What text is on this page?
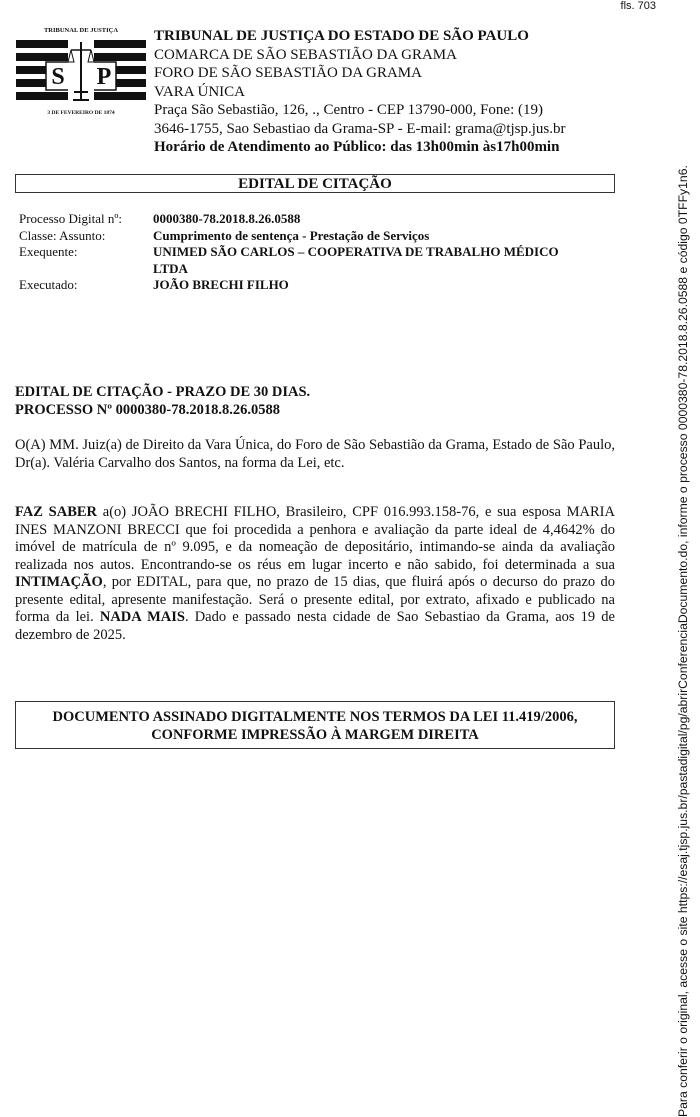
fls. 703
TRIBUNAL DE JUSTIÇA
S P
3 DE FEVEREIRO DE 1874
TRIBUNAL DE JUSTIÇA DO ESTADO DE SÃO PAULO
COMARCA DE SÃO SEBASTIÃO DA GRAMA
FORO DE SÃO SEBASTIÃO DA GRAMA
VARA ÚNICA
Praça São Sebastião, 126, ., Centro - CEP 13790-000, Fone: (19)
3646-1755, Sao Sebastiao da Grama-SP - E-mail: grama@tjsp.jus.br
Horário de Atendimento ao Público: das 13h00min às17h00min
EDITAL DE CITAÇÃO
Processo Digital nº:	0000380-78.2018.8.26.0588
Classe: Assunto:	Cumprimento de sentença - Prestação de Serviços
Exequente:	UNIMED SÃO CARLOS – COOPERATIVA DE TRABALHO MÉDICO LTDA
Executado:	JOÃO BRECHI FILHO
EDITAL DE CITAÇÃO - PRAZO DE 30 DIAS.
PROCESSO Nº 0000380-78.2018.8.26.0588
O(A) MM. Juiz(a) de Direito da Vara Única, do Foro de São Sebastião da Grama, Estado de São Paulo, Dr(a). Valéria Carvalho dos Santos, na forma da Lei, etc.
FAZ SABER a(o) JOÃO BRECHI FILHO, Brasileiro, CPF 016.993.158-76, e sua esposa MARIA INES MANZONI BRECCI que foi procedida a penhora e avaliação da parte ideal de 4,4642% do imóvel de matrícula de nº 9.095, e da nomeação de depositário, intimando-se ainda da avaliação realizada nos autos. Encontrando-se os réus em lugar incerto e não sabido, foi determinada a sua INTIMAÇÃO, por EDITAL, para que, no prazo de 15 dias, que fluirá após o decurso do prazo do presente edital, apresente manifestação. Será o presente edital, por extrato, afixado e publicado na forma da lei. NADA MAIS. Dado e passado nesta cidade de Sao Sebastiao da Grama, aos 19 de dezembro de 2025.
DOCUMENTO ASSINADO DIGITALMENTE NOS TERMOS DA LEI 11.419/2006,
CONFORME IMPRESSÃO À MARGEM DIREITA	Para conferir o original, acesse o site https://esaj.tjsp.jus.br/pastadigital/pg/abrirConferenciaDocumento.do, informe o processo 0000380-78.2018.8.26.0588 e código 0TFFy1n6.
